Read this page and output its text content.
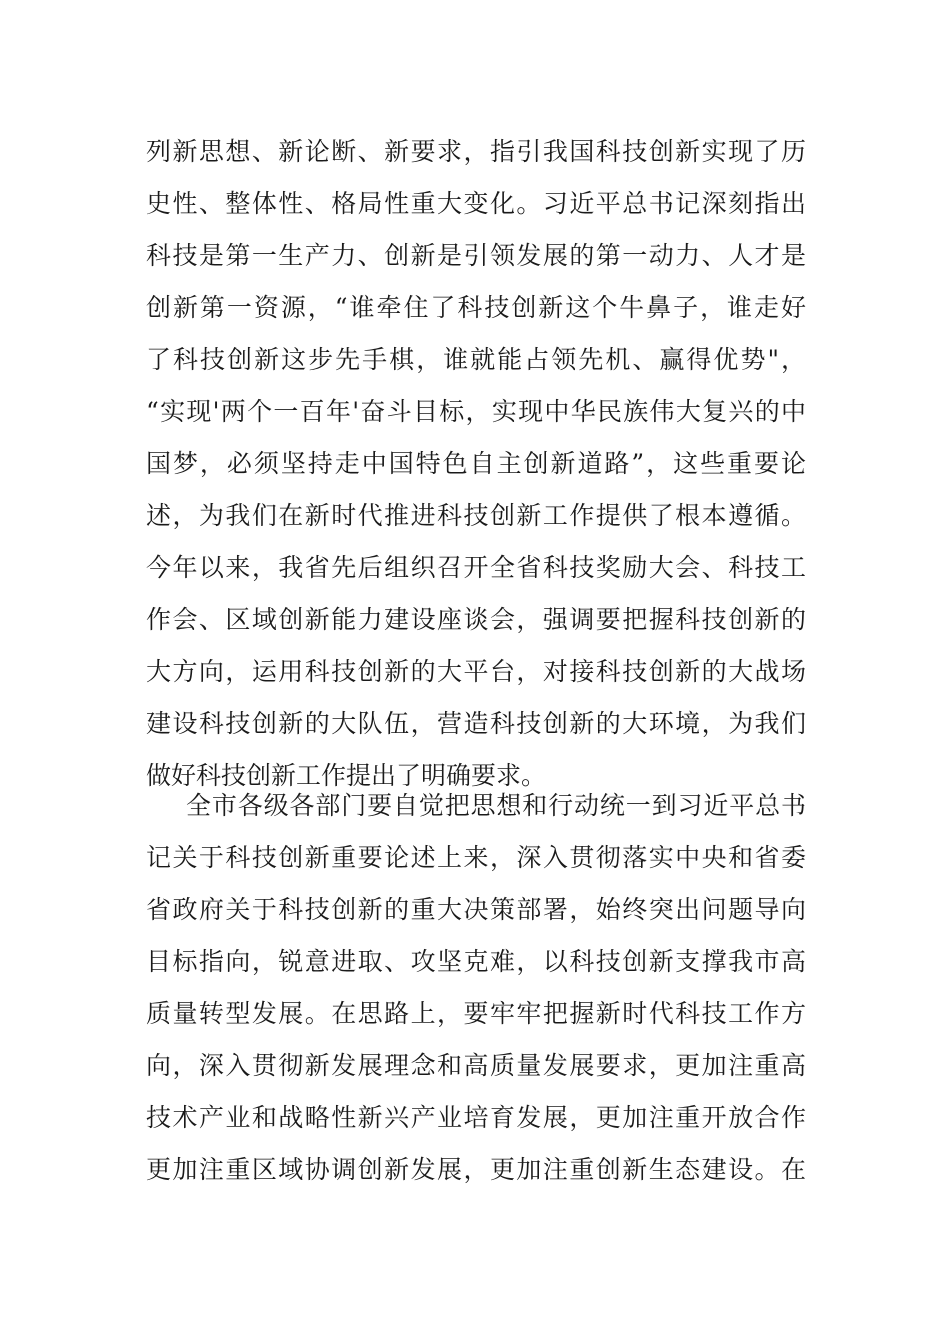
列新思想、新论断、新要求，指引我国科技创新实现了历
史性、整体性、格局性重大变化。习近平总书记深刻指出
科技是第一生产力、创新是引领发展的第一动力、人才是
创新第一资源，“谁牵住了科技创新这个牛鼻子，谁走好
了科技创新这步先手棋，谁就能占领先机、赢得优势"，
“实现'两个一百年'奋斗目标，实现中华民族伟大复兴的中
国梦，必须坚持走中国特色自主创新道路”，这些重要论
述，为我们在新时代推进科技创新工作提供了根本遵循。
今年以来，我省先后组织召开全省科技奖励大会、科技工
作会、区域创新能力建设座谈会，强调要把握科技创新的
大方向，运用科技创新的大平台，对接科技创新的大战场
建设科技创新的大队伍，营造科技创新的大环境，为我们
做好科技创新工作提出了明确要求。
全市各级各部门要自觉把思想和行动统一到习近平总书
记关于科技创新重要论述上来，深入贯彻落实中央和省委
省政府关于科技创新的重大决策部署，始终突出问题导向
目标指向，锐意进取、攻坚克难，以科技创新支撑我市高
质量转型发展。在思路上，要牢牢把握新时代科技工作方
向，深入贯彻新发展理念和高质量发展要求，更加注重高
技术产业和战略性新兴产业培育发展，更加注重开放合作
更加注重区域协调创新发展，更加注重创新生态建设。在
